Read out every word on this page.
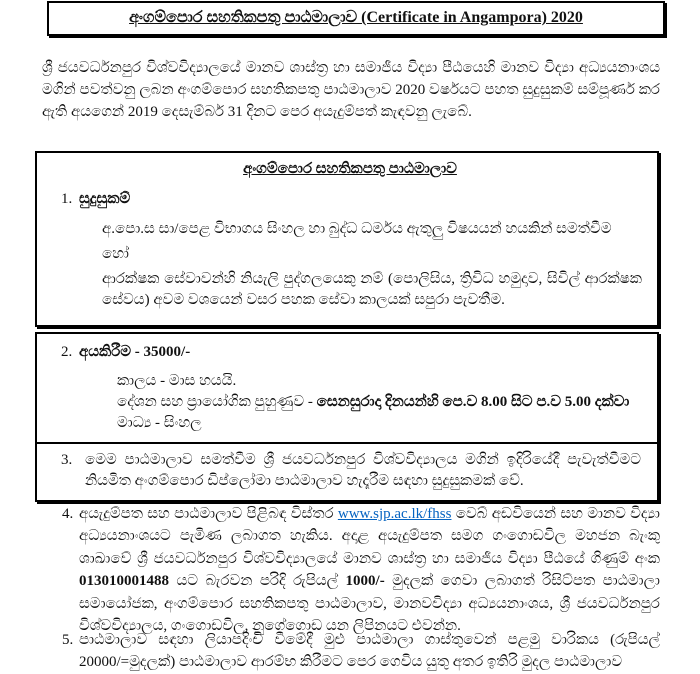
අංගම්පොර සහතිකපතු පාඨමාලාව (Certificate in Angampora) 2020

ශ්‍රී ජයවර්ධනපුර විශ්වවිද්‍යාලයේ මානව ශාස්ත්‍ර හා සමාජීය විද්‍යා පීඨයෙහි මානව විද්‍යා අධ්‍යයනාංශය මගින් පවත්වනු ලබන අංගම්පොර සහතිකපතු පාඨමාලාව 2020 වර්ෂයට පහත සුදුසුකම් සම්පූර්ණ කර ඇති අයගෙන් 2019 දෙසැම්බර් 31 දිනට පෙර අයැදුම්පත් කැඳවනු ලැබේ.

අංගම්පොර සහතිකපතු පාඨමාලාව
1. සුදුසුකම්
අ.පො.ස සා/පෙළ විභාගය සිංහල හා බුද්ධ ධර්මය ඇතුලු විෂයයන් හයකින් සමත්වීම
හෝ
ආරක්ෂක සේවාවන්හි නියැලි පුද්ගලයෙකු නම් (පොලිසිය, ත්‍රිවිධ හමුදාව, සිවිල් ආරක්ෂක සේවය) අවම වශයෙන් වසර පහක සේවා කාලයක් සපුරා පැවතීම.
2. අයකිරීම - 35000/-
කාලය - මාස හයයි.
දේශන සහ ප්‍රායෝගික පුහුණුව - සෙනසුරාදා දිනයන්හි පෙ.ව 8.00 සිට ප.ව 5.00 දක්වා
මාධ්‍ය - සිංහල
3. මෙම පාඨමාලාව සමත්වීම ශ්‍රී ජයවර්ධනපුර විශ්වවිද්‍යාලය මගින් ඉදිරියේදී පැවැත්වීමට නියමිත අංගම්පොර ඩිප්ලෝමා පාඨමාලාව හැදෑරීම සඳහා සුදුසුකමක් වේ.
4. අයැදුම්පත සහ පාඨමාලාව පිළිබඳ විස්තර www.sjp.ac.lk/fhss වෙබ් අඩවියෙන් සහ මානව විද්‍යා අධ්‍යයනාංශයට පැමිණ ලබාගත හැකිය. අදාළ අයැදුම්පත සමග ගංගොඩවිල මහජන බැංකු ශාඛාවේ ශ්‍රී ජයවර්ධනපුර විශ්වවිද්‍යාලයේ මානව ශාස්ත්‍ර හා සමාජීය විද්‍යා පීඨයේ ගිණුම් අංක 013010001488 යට බැරවන පරිදි රුපියල් 1000/- මුදලක් ගෙවා ලබාගත් රිසිට්පත පාඨමාලා සමායෝජක, අංගම්පොර සහතිකපතු පාඨමාලාව, මානවවිද්‍යා අධ්‍යයනාංශය, ශ්‍රී ජයවර්ධනපුර විශ්වවිද්‍යාලය, ගංගොඩවිල, නුගේගොඩ යන ලිපිනයට එවන්න.
5. පාඨමාලාව සඳහා ලියාපදිංචි වීමේදී මුළු පාඨමාලා ගාස්තුවෙන් පළමු වාරිකය (රුපියල් 20000/=මුදලක්) පාඨමාලාව ආරම්භ කිරීමට පෙර ගෙවිය යුතු අතර ඉතිරි මුදල පාඨමාලාව
